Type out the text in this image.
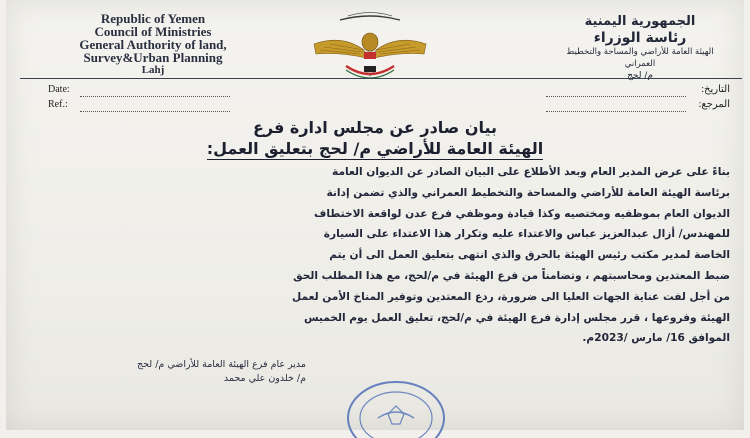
Republic of Yemen
Council of Ministries
General Authority of land,
Survey&Urban Planning
Lahj
الجمهورية اليمنية
رئاسة الوزراء
الهيئة العامة للأراضي والمساحة والتخطيط العمراني
م/ لحج
Date:
Ref.:
التاريخ:
المرجع:
بيان صادر عن مجلس ادارة فرع
الهيئة العامة للأراضي م/ لحج بتعليق العمل:
بناءً على عرض المدير العام وبعد الأطلاع على البيان الصادر عن الديوان العامة
برئاسة الهيئة العامة للأراضي والمساحة والتخطيط العمراني والذي تضمن إدانة
الديوان العام بموظفيه ومختصيه وكذا قيادة وموظفي فرع عدن لواقعة الاختطاف
للمهندس/ أزال عبدالعزيز عباس والاعتداء عليه وتكرار هذا الاعتداء على السيارة
الخاصة لمدير مكتب رئيس الهيئة بالحرق والذي انتهى بتعليق العمل الى أن يتم
ضبط المعتدين ومحاسبتهم ، وتضامناً من فرع الهيئة في م/لحج، مع هذا المطلب الحق
من أجل لفت عناية الجهات العليا الى ضرورة، ردع المعتدين وتوفير المناخ الأمن لعمل
الهيئة وفروعها ، قرر مجلس إدارة فرع الهيئة في م/لحج، تعليق العمل يوم الخميس
الموافق 16/ مارس /2023م.
مدير عام فرع الهيئة العامة للأراضي م/ لحج
م/ خلدون علي محمد
